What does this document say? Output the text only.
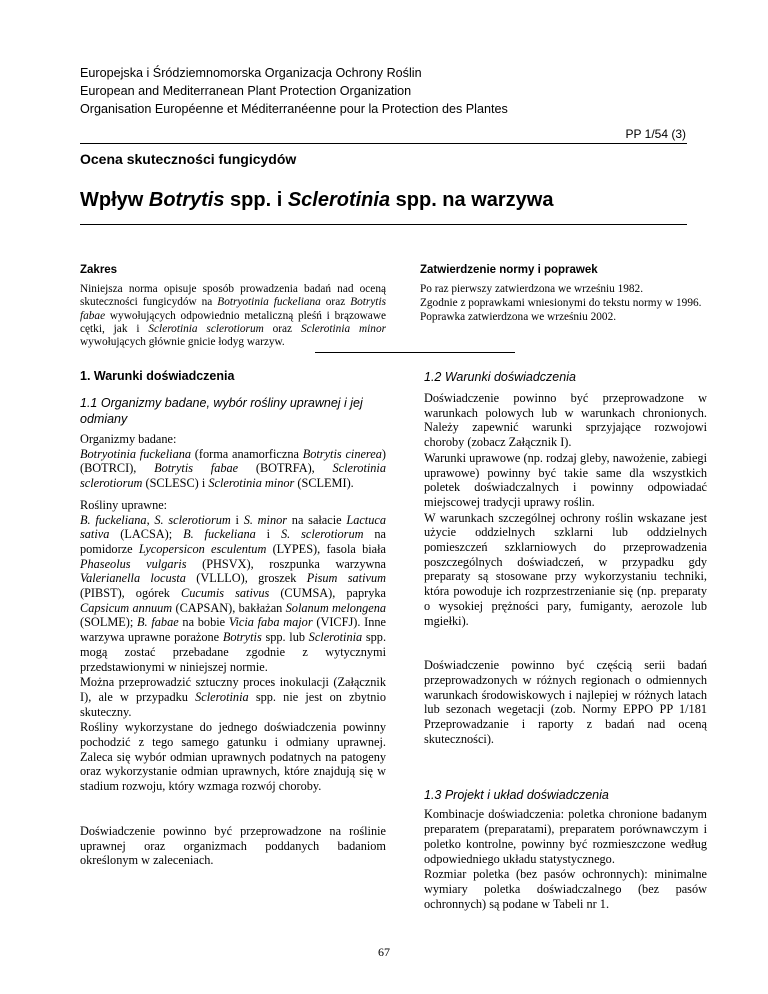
Europejska i Śródziemnomorska Organizacja Ochrony Roślin
European and Mediterranean Plant Protection Organization
Organisation Européenne et Méditerranéenne pour la Protection des Plantes
PP 1/54 (3)
Ocena skuteczności fungicydów
Wpływ Botrytis spp. i Sclerotinia spp. na warzywa
Zakres
Niniejsza norma opisuje sposób prowadzenia badań nad oceną skuteczności fungicydów na Botryotinia fuckeliana oraz Botrytis fabae wywołujących odpowiednio metaliczną pleśń i brązowawe cętki, jak i Sclerotinia sclerotiorum oraz Sclerotinia minor wywołujących głównie gnicie łodyg warzyw.
Zatwierdzenie normy i poprawek

Po raz pierwszy zatwierdzona we wrześniu 1982.

Zgodnie z poprawkami wniesionymi do tekstu normy w 1996. Poprawka zatwierdzona we wrześniu 2002.

1. Warunki doświadczenia
1.1 Organizmy badane, wybór rośliny uprawnej i jej odmiany

Organizmy badane:

Botryotinia fuckeliana (forma anamorficzna Botrytis cinerea) (BOTRCI), Botrytis fabae (BOTRFA), Sclerotinia sclerotiorum (SCLESC) i Sclerotinia minor (SCLEMI).

Rośliny uprawne:

B. fuckeliana, S. sclerotiorum i S. minor na sałacie Lactuca sativa (LACSA); B. fuckeliana i S. sclerotiorum na pomidorze Lycopersicon esculentum (LYPES), fasola biała Phaseolus vulgaris (PHSVX), roszpunka warzywna Valerianella locusta (VLLLO), groszek Pisum sativum (PIBST), ogórek Cucumis sativus (CUMSA), papryka Capsicum annuum (CAPSAN), bakłażan Solanum melongena (SOLME); B. fabae na bobie Vicia faba major (VICFJ). Inne warzywa uprawne porażone Botrytis spp. lub Sclerotinia spp. mogą zostać przebadane zgodnie z wytycznymi przedstawionymi w niniejszej normie.

Można przeprowadzić sztuczny proces inokulacji (Załącznik I), ale w przypadku Sclerotinia spp. nie jest on zbytnio skuteczny.

Rośliny wykorzystane do jednego doświadczenia powinny pochodzić z tego samego gatunku i odmiany uprawnej. Zaleca się wybór odmian uprawnych podatnych na patogeny oraz wykorzystanie odmian uprawnych, które znajdują się w stadium rozwoju, który wzmaga rozwój choroby.

Doświadczenie powinno być przeprowadzone na roślinie uprawnej oraz organizmach poddanych badaniom określonym w zaleceniach.

1.2 Warunki doświadczenia

Doświadczenie powinno być przeprowadzone w warunkach polowych lub w warunkach chronionych. Należy zapewnić warunki sprzyjające rozwojowi choroby (zobacz Załącznik I).

Warunki uprawowe (np. rodzaj gleby, nawożenie, zabiegi uprawowe) powinny być takie same dla wszystkich poletek doświadczalnych i powinny odpowiadać miejscowej tradycji uprawy roślin.

W warunkach szczególnej ochrony roślin wskazane jest użycie oddzielnych szklarni lub oddzielnych pomieszczeń szklarniowych do przeprowadzenia poszczególnych doświadczeń, w przypadku gdy preparaty są stosowane przy wykorzystaniu techniki, która powoduje ich rozprzestrzenianie się (np. preparaty o wysokiej prężności pary, fumiganty, aerozole lub mgiełki).

Doświadczenie powinno być częścią serii badań przeprowadzonych w różnych regionach o odmiennych warunkach środowiskowych i najlepiej w różnych latach lub sezonach wegetacji (zob. Normy EPPO PP 1/181 Przeprowadzanie i raporty z badań nad oceną skuteczności).

1.3 Projekt i układ doświadczenia

Kombinacje doświadczenia: poletka chronione badanym preparatem (preparatami), preparatem porównawczym i poletko kontrolne, powinny być rozmieszczone według odpowiedniego układu statystycznego.

Rozmiar poletka (bez pasów ochronnych): minimalne wymiary poletka doświadczalnego (bez pasów ochronnych) są podane w Tabeli nr 1.

67
